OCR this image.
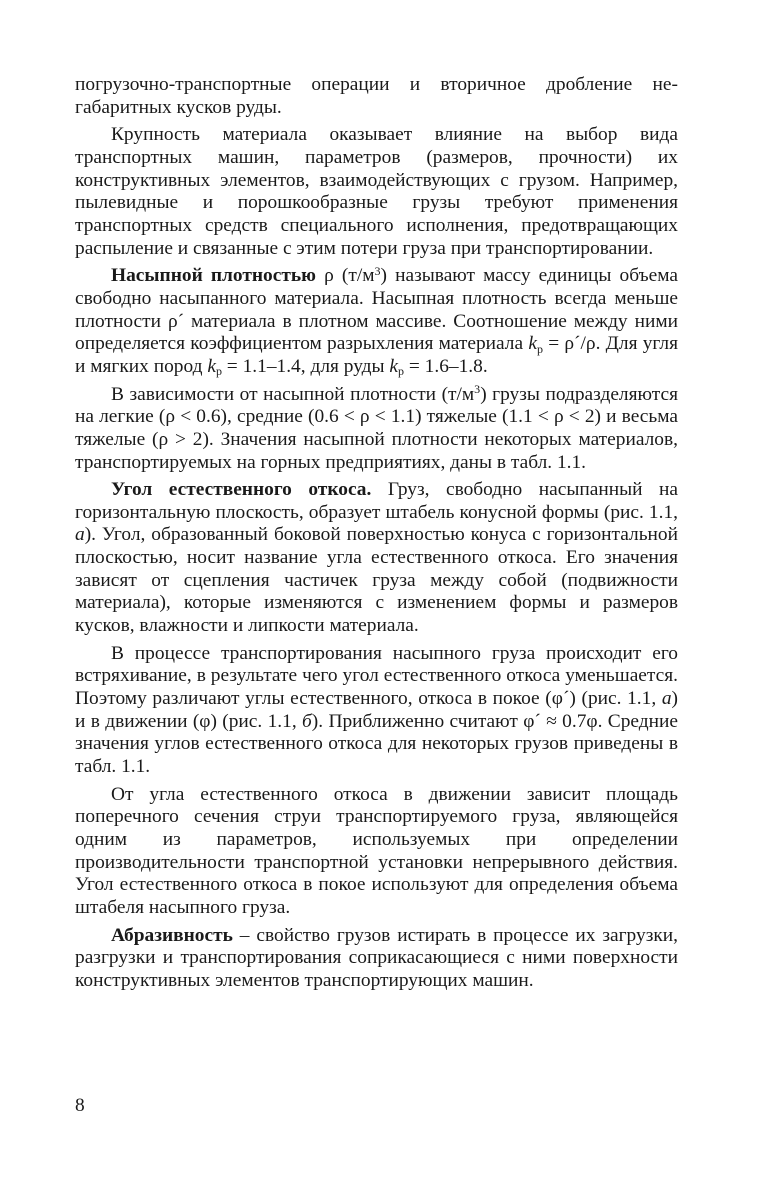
погрузочно-транспортные операции и вторичное дробление негабаритных кусков руды.

Крупность материала оказывает влияние на выбор вида транспортных машин, параметров (размеров, прочности) их конструктивных элементов, взаимодействующих с грузом. Например, пылевидные и порошкообразные грузы требуют применения транспортных средств специального исполнения, предотвращающих распыление и связанные с этим потери груза при транспортировании.

Насыпной плотностью ρ $(т/м^3)$ называют массу единицы объема свободно насыпанного материала. Насыпная плотность всегда меньше плотности ρ´ материала в плотном массиве. Соотношение между ними определяется коэффициентом разрыхления материала $k_р$ = ρ´/ρ. Для угля и мягких пород $k_р = 1.1-1.4$, для руды $k_р = 1.6-1.8$.

В зависимости от насыпной плотности $(т/м^3)$ грузы подразделяются на легкие (ρ < 0.6), средние (0.6 < ρ < 1.1) тяжелые (1.1 < ρ < 2) и весьма тяжелые (ρ > 2). Значения насыпной плотности некоторых материалов, транспортируемых на горных предприятиях, даны в табл. 1.1.

Угол естественного откоса. Груз, свободно насыпанный на горизонтальную плоскость, образует штабель конусной формы (рис. 1.1, а). Угол, образованный боковой поверхностью конуса с горизонтальной плоскостью, носит название угла естественного откоса. Его значения зависят от сцепления частичек груза между собой (подвижности материала), которые изменяются с изменением формы и размеров кусков, влажности и липкости материала.

В процессе транспортирования насыпного груза происходит его встряхивание, в результате чего угол естественного откоса уменьшается. Поэтому различают углы естественного, откоса в покое (φ´) (рис. 1.1, а) и в движении (φ) (рис. 1.1, б). Приближенно считают φ´ ≈ 0.7φ. Средние значения углов естественного откоса для некоторых грузов приведены в табл. 1.1.

От угла естественного откоса в движении зависит площадь поперечного сечения струи транспортируемого груза, являющейся одним из параметров, используемых при определении производительности транспортной установки непрерывного действия. Угол естественного откоса в покое используют для определения объема штабеля насыпного груза.

Абразивность – свойство грузов истирать в процессе их загрузки, разгрузки и транспортирования соприкасающиеся с ними поверхности конструктивных элементов транспортирующих машин.

8
